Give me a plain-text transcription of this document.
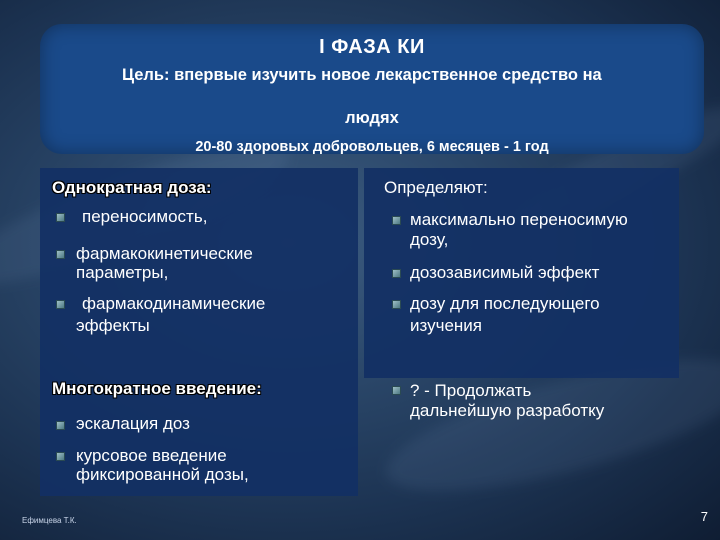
I ФАЗА КИ
Цель: впервые изучить новое лекарственное средство на
людях
20-80 здоровых добровольцев, 6 месяцев - 1 год
Однократная доза:
переносимость,
фармакокинетические
параметры,
фармакодинамические
эффекты
Многократное введение:
эскалация доз
курсовое введение
фиксированной дозы,
Определяют:
максимально переносимую
дозу,
дозозависимый эффект
дозу для последующего
изучения
? - Продолжать
дальнейшую разработку
Ефимцева Т.К.	7
